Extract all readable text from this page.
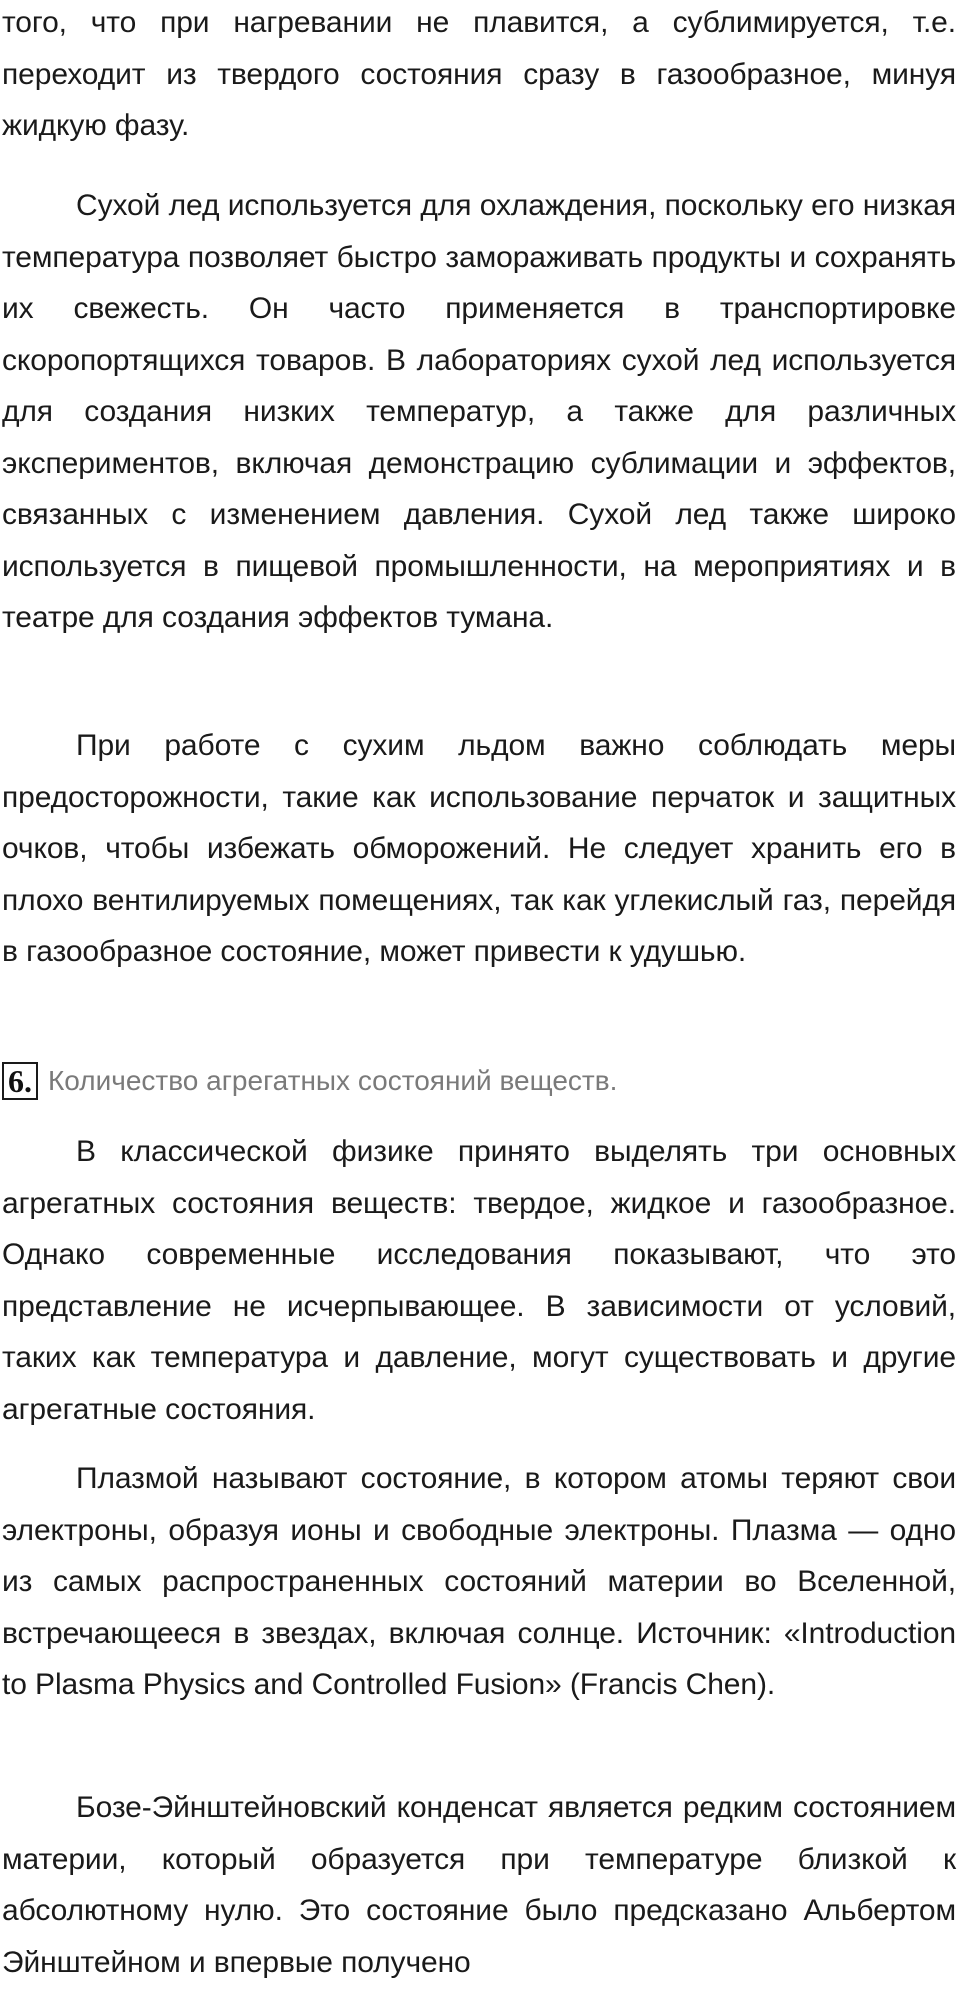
того, что при нагревании не плавится, а сублимируется, т.е. переходит из твердого состояния сразу в газообразное, минуя жидкую фазу.

Сухой лед используется для охлаждения, поскольку его низкая температура позволяет быстро замораживать продукты и сохранять их свежесть. Он часто применяется в транспортировке скоропортящихся товаров. В лабораториях сухой лед используется для создания низких температур, а также для различных экспериментов, включая демонстрацию сублимации и эффектов, связанных с изменением давления. Сухой лед также широко используется в пищевой промышленности, на мероприятиях и в театре для создания эффектов тумана.

При работе с сухим льдом важно соблюдать меры предосторожности, такие как использование перчаток и защитных очков, чтобы избежать обморожений. Не следует хранить его в плохо вентилируемых помещениях, так как углекислый газ, перейдя в газообразное состояние, может привести к удушью.

6. Количество агрегатных состояний веществ.

В классической физике принято выделять три основных агрегатных состояния веществ: твердое, жидкое и газообразное. Однако современные исследования показывают, что это представление не исчерпывающее. В зависимости от условий, таких как температура и давление, могут существовать и другие агрегатные состояния.

Плазмой называют состояние, в котором атомы теряют свои электроны, образуя ионы и свободные электроны. Плазма — одно из самых распространенных состояний материи во Вселенной, встречающееся в звездах, включая солнце. Источник: «Introduction to Plasma Physics and Controlled Fusion» (Francis Chen).

Бозе-Эйнштейновский конденсат является редким состоянием материи, который образуется при температуре близкой к абсолютному нулю. Это состояние было предсказано Альбертом Эйнштейном и впервые получено
